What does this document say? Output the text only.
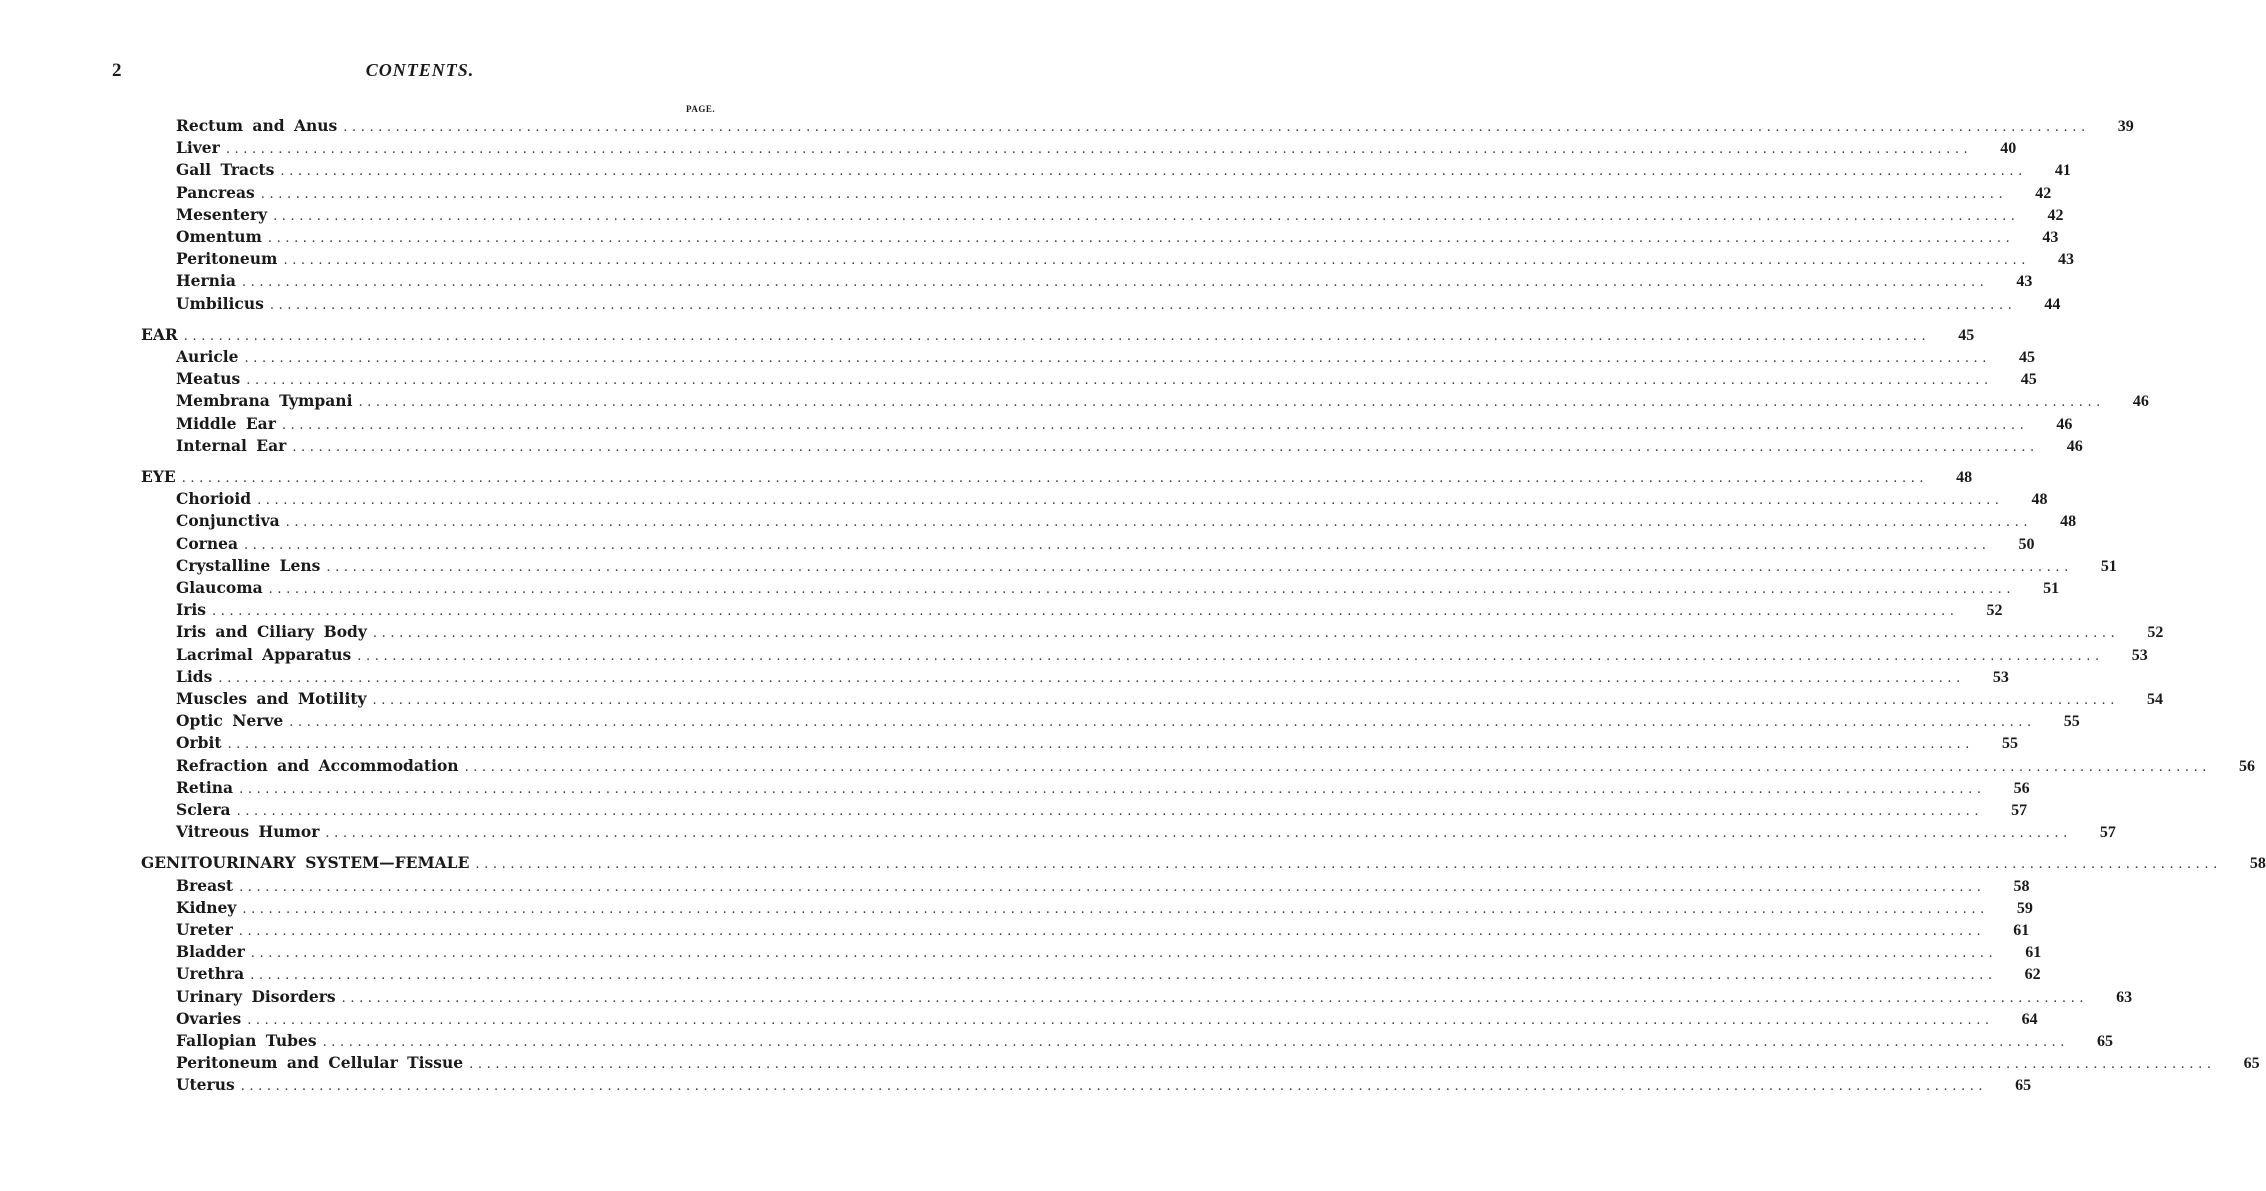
2	CONTENTS.
PAGE.
Rectum and Anus ........................................................................................................................................................................................................	39
Liver ........................................................................................................................................................................................................	40
Gall Tracts ........................................................................................................................................................................................................	41
Pancreas ........................................................................................................................................................................................................	42
Mesentery ........................................................................................................................................................................................................	42
Omentum ........................................................................................................................................................................................................	43
Peritoneum ........................................................................................................................................................................................................	43
Hernia ........................................................................................................................................................................................................	43
Umbilicus ........................................................................................................................................................................................................	44
EAR ........................................................................................................................................................................................................	45
Auricle ........................................................................................................................................................................................................	45
Meatus ........................................................................................................................................................................................................	45
Membrana Tympani ........................................................................................................................................................................................................	46
Middle Ear ........................................................................................................................................................................................................	46
Internal Ear ........................................................................................................................................................................................................	46
EYE ........................................................................................................................................................................................................	48
Chorioid ........................................................................................................................................................................................................	48
Conjunctiva ........................................................................................................................................................................................................	48
Cornea ........................................................................................................................................................................................................	50
Crystalline Lens ........................................................................................................................................................................................................	51
Glaucoma ........................................................................................................................................................................................................	51
Iris ........................................................................................................................................................................................................	52
Iris and Ciliary Body ........................................................................................................................................................................................................	52
Lacrimal Apparatus ........................................................................................................................................................................................................	53
Lids ........................................................................................................................................................................................................	53
Muscles and Motility ........................................................................................................................................................................................................	54
Optic Nerve ........................................................................................................................................................................................................	55
Orbit ........................................................................................................................................................................................................	55
Refraction and Accommodation ........................................................................................................................................................................................................	56
Retina ........................................................................................................................................................................................................	56
Sclera ........................................................................................................................................................................................................	57
Vitreous Humor ........................................................................................................................................................................................................	57
GENITOURINARY SYSTEM—FEMALE ........................................................................................................................................................................................................	58
Breast ........................................................................................................................................................................................................	58
Kidney ........................................................................................................................................................................................................	59
Ureter ........................................................................................................................................................................................................	61
Bladder ........................................................................................................................................................................................................	61
Urethra ........................................................................................................................................................................................................	62
Urinary Disorders ........................................................................................................................................................................................................	63
Ovaries ........................................................................................................................................................................................................	64
Fallopian Tubes ........................................................................................................................................................................................................	65
Peritoneum and Cellular Tissue ........................................................................................................................................................................................................	65
Uterus ........................................................................................................................................................................................................	65
